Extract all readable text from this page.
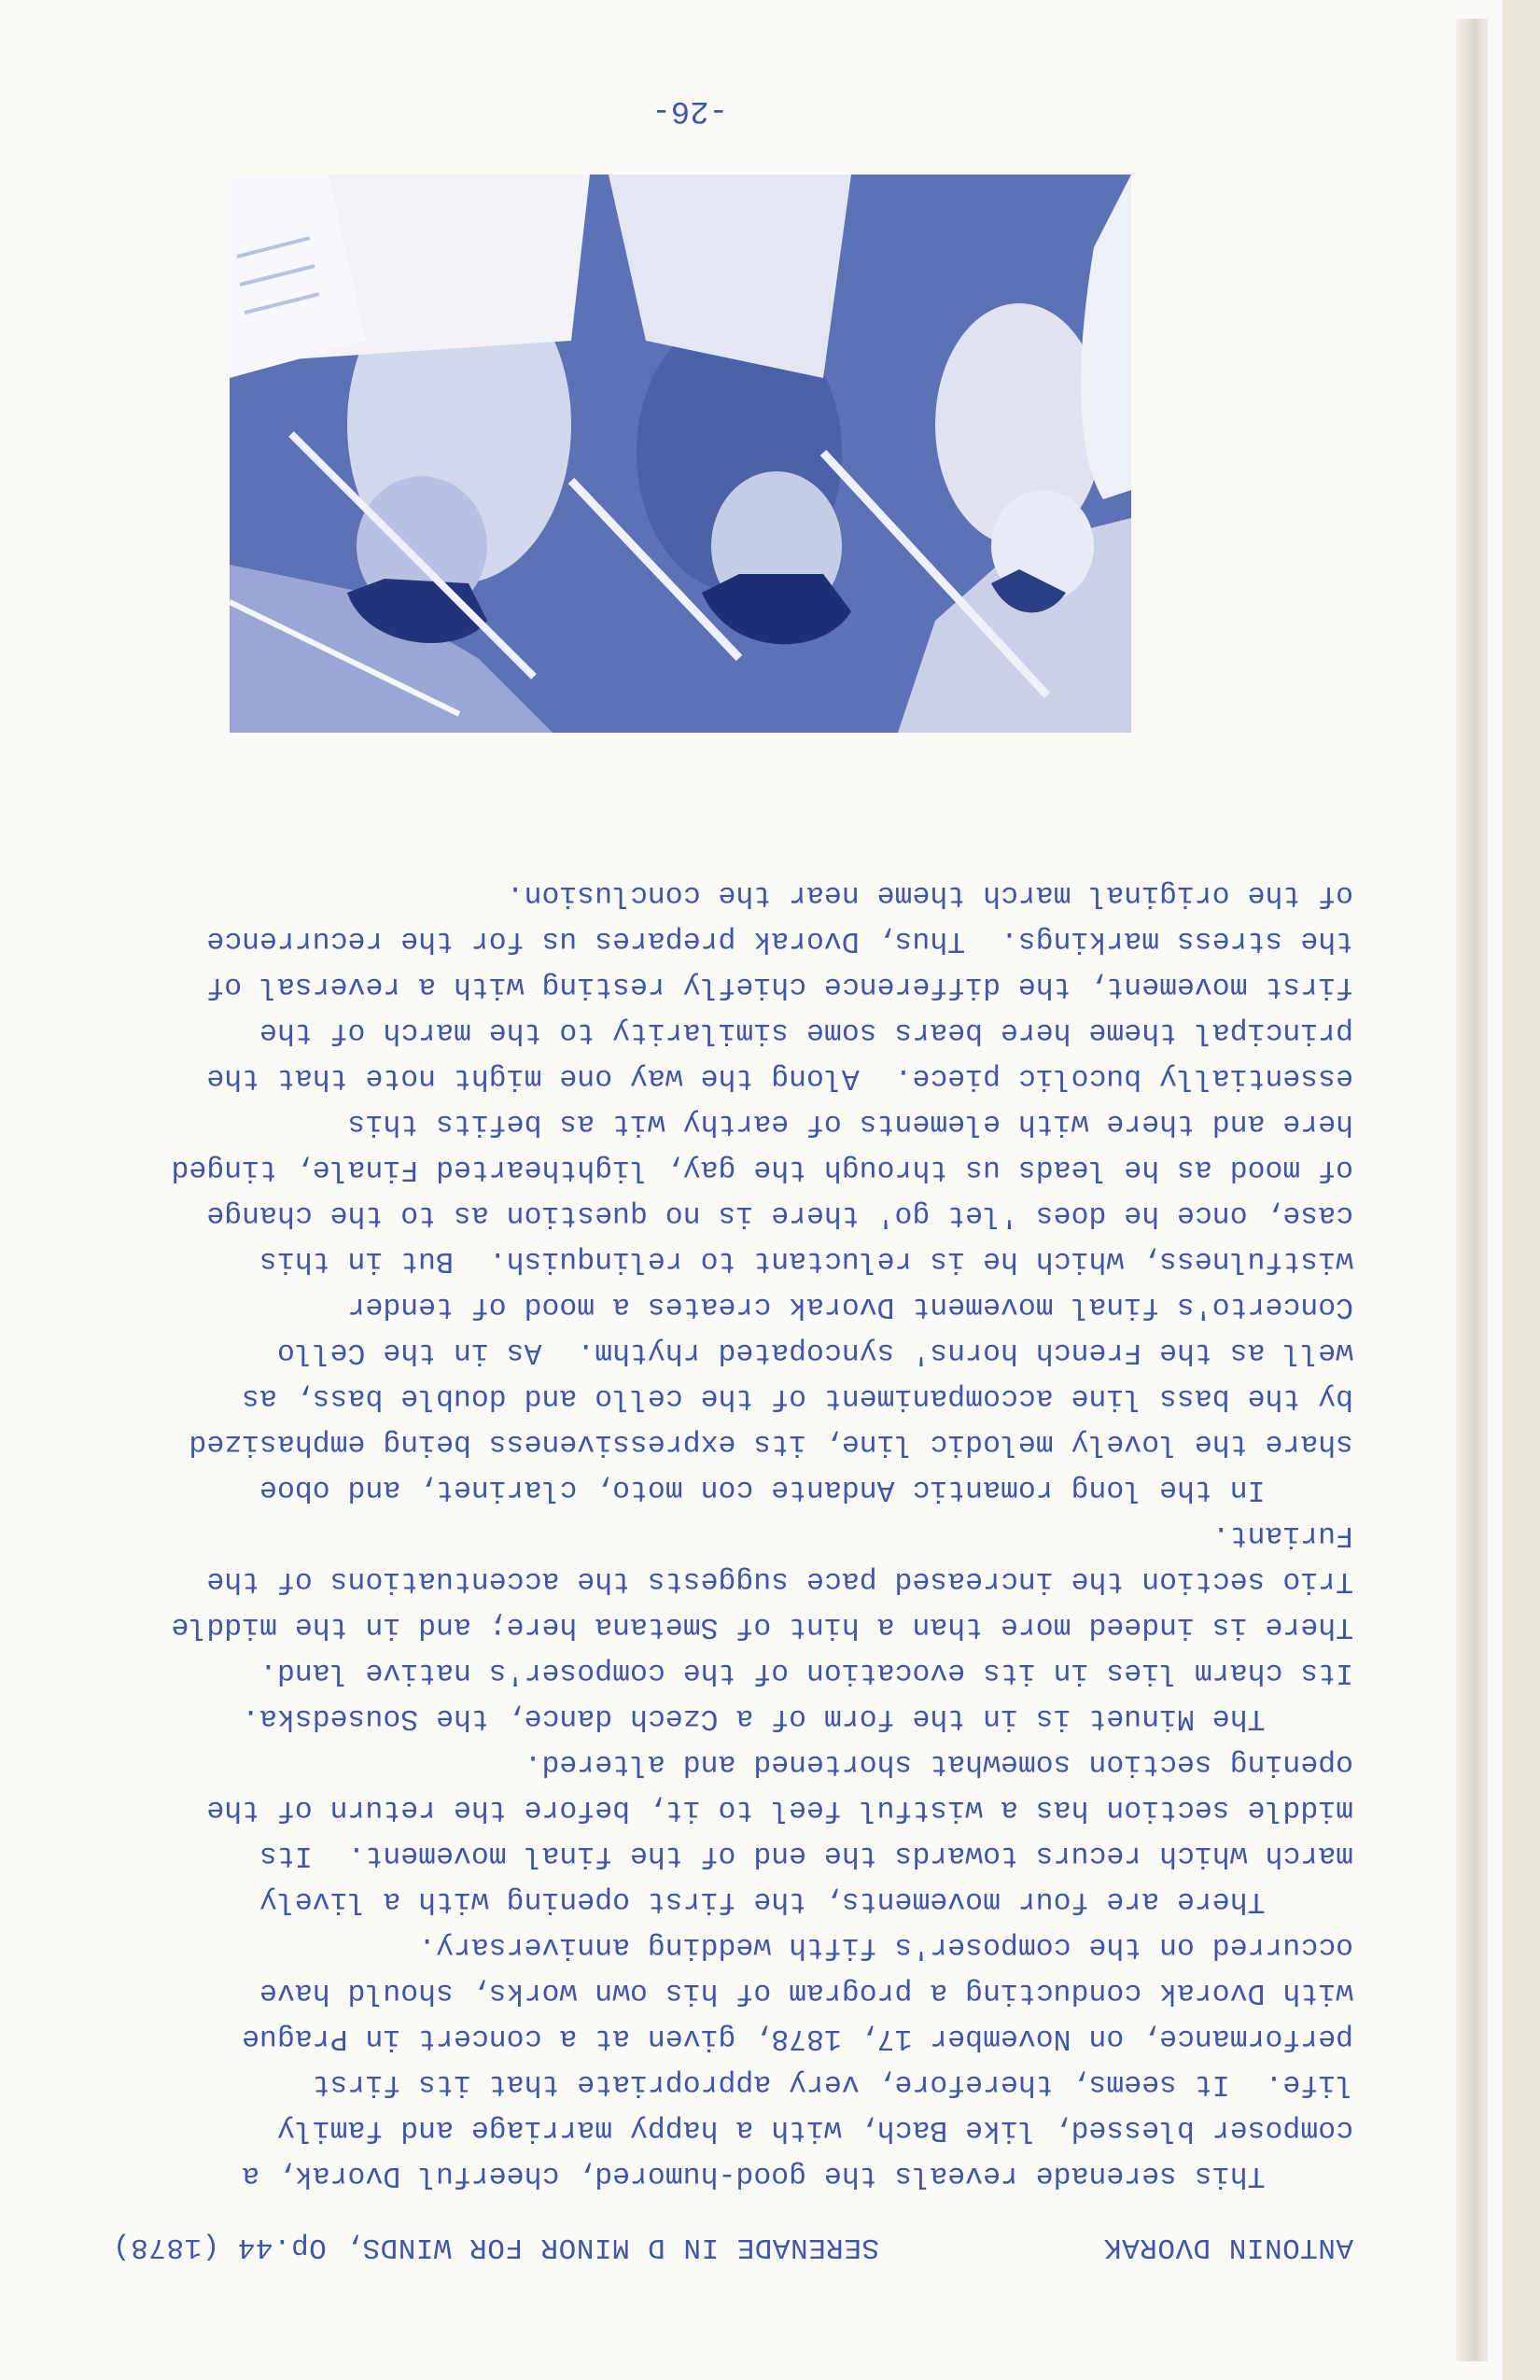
ANTONIN DVORAK
SERENADE IN D MINOR FOR WINDS, Op.44 (1878)

This serenade reveals the good-humored, cheerful Dvorak, a
composer blessed, like Bach, with a happy marriage and family
life.  It seems, therefore, very appropriate that its first
performance, on November 17, 1878, given at a concert in Prague
with Dvorak conducting a program of his own works, should have
occurred on the composer's fifth wedding anniversary.

There are four movements, the first opening with a lively
march which recurs towards the end of the final movement.  Its
middle section has a wistful feel to it, before the return of the
opening section somewhat shortened and altered.

The Minuet is in the form of a Czech dance, the Sousedska.
Its charm lies in its evocation of the composer's native land.
There is indeed more than a hint of Smetana here; and in the middle
Trio section the increased pace suggests the accentuations of the
Furiant.

In the long romantic Andante con moto, clarinet, and oboe
share the lovely melodic line, its expressiveness being emphasized
by the bass line accompaniment of the cello and double bass, as
well as the French horns' syncopated rhythm.  As in the Cello
Concerto's final movement Dvorak creates a mood of tender
wistfulness, which he is reluctant to relinquish.  But in this
case, once he does 'let go' there is no question as to the change
of mood as he leads us through the gay, lighthearted Finale, tinged
here and there with elements of earthy wit as befits this
essentially bucolic piece.  Along the way one might note that the
principal theme here bears some similarity to the march of the
first movement, the difference chiefly resting with a reversal of
the stress markings.  Thus, Dvorak prepares us for the recurrence
of the original march theme near the conclusion.

-26-
